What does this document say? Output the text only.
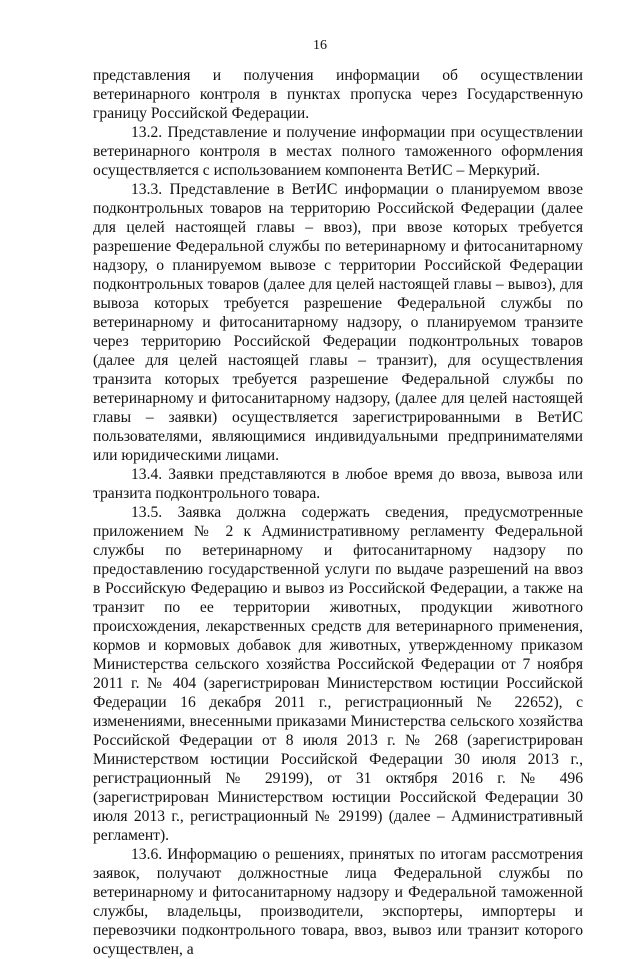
16

представления и получения информации об осуществлении ветеринарного контроля в пунктах пропуска через Государственную границу Российской Федерации.

13.2. Представление и получение информации при осуществлении ветеринарного контроля в местах полного таможенного оформления осуществляется с использованием компонента ВетИС – Меркурий.

13.3. Представление в ВетИС информации о планируемом ввозе подконтрольных товаров на территорию Российской Федерации (далее для целей настоящей главы – ввоз), при ввозе которых требуется разрешение Федеральной службы по ветеринарному и фитосанитарному надзору, о планируемом вывозе с территории Российской Федерации подконтрольных товаров (далее для целей настоящей главы – вывоз), для вывоза которых требуется разрешение Федеральной службы по ветеринарному и фитосанитарному надзору, о планируемом транзите через территорию Российской Федерации подконтрольных товаров (далее для целей настоящей главы – транзит), для осуществления транзита которых требуется разрешение Федеральной службы по ветеринарному и фитосанитарному надзору, (далее для целей настоящей главы – заявки) осуществляется зарегистрированными в ВетИС пользователями, являющимися индивидуальными предпринимателями или юридическими лицами.

13.4. Заявки представляются в любое время до ввоза, вывоза или транзита подконтрольного товара.

13.5. Заявка должна содержать сведения, предусмотренные приложением № 2 к Административному регламенту Федеральной службы по ветеринарному и фитосанитарному надзору по предоставлению государственной услуги по выдаче разрешений на ввоз в Российскую Федерацию и вывоз из Российской Федерации, а также на транзит по ее территории животных, продукции животного происхождения, лекарственных средств для ветеринарного применения, кормов и кормовых добавок для животных, утвержденному приказом Министерства сельского хозяйства Российской Федерации от 7 ноября 2011 г. № 404 (зарегистрирован Министерством юстиции Российской Федерации 16 декабря 2011 г., регистрационный № 22652), с изменениями, внесенными приказами Министерства сельского хозяйства Российской Федерации от 8 июля 2013 г. № 268 (зарегистрирован Министерством юстиции Российской Федерации 30 июля 2013 г., регистрационный № 29199), от 31 октября 2016 г. № 496 (зарегистрирован Министерством юстиции Российской Федерации 30 июля 2013 г., регистрационный № 29199) (далее – Административный регламент).

13.6. Информацию о решениях, принятых по итогам рассмотрения заявок, получают должностные лица Федеральной службы по ветеринарному и фитосанитарному надзору и Федеральной таможенной службы, владельцы, производители, экспортеры, импортеры и перевозчики подконтрольного товара, ввоз, вывоз или транзит которого осуществлен, а
